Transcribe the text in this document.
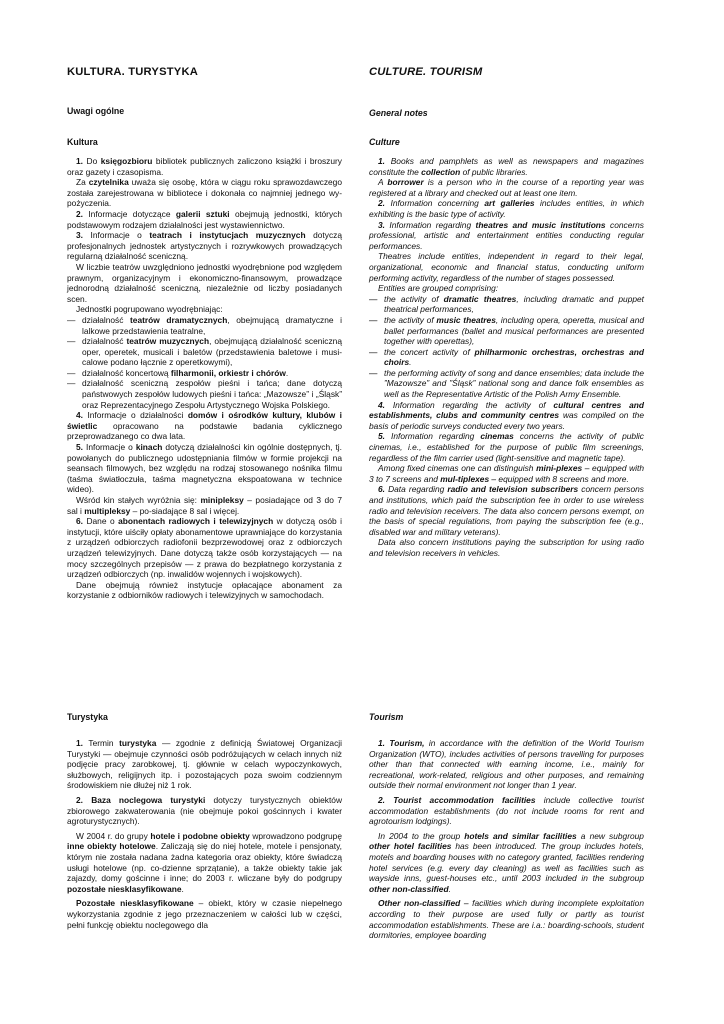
KULTURA. TURYSTYKA
Uwagi ogólne
Kultura

1. Do księgozbioru bibliotek publicznych zaliczono książki i broszury oraz gazety i czasopisma.

Za czytelnika uważa się osobę, która w ciągu roku sprawozdawczego została zarejestrowana w bibliotece i dokonała co najmniej jednego wy-pożyczenia.

2. Informacje dotyczące galerii sztuki obejmują jednostki, których podstawowym rodzajem działalności jest wystawiennictwo.

3. Informacje o teatrach i instytucjach muzycznych dotyczą profesjonalnych jednostek artystycznych i rozrywkowych prowadzących regularną działalność sceniczną.

W liczbie teatrów uwzględniono jednostki wyodrębnione pod względem prawnym, organizacyjnym i ekonomiczno-finansowym, prowadzące jednorodną działalność sceniczną, niezależnie od liczby posiadanych scen.

Jednostki pogrupowano wyodrębniając:

— działalność teatrów dramatycznych, obejmującą dramatyczne i lalkowe przedstawienia teatralne,
— działalność teatrów muzycznych, obejmującą działalność sceniczną oper, operetek, musicali i baletów (przedstawienia baletowe i musi-calowe podano łącznie z operetkowymi),
— działalność koncertową filharmonii, orkiestr i chórów.
— działalność sceniczną zespołów pieśni i tańca; dane dotyczą państwowych zespołów ludowych pieśni i tańca: „Mazowsze” i „Śląsk” oraz Reprezentacyjnego Zespołu Artystycznego Wojska Polskiego.

4. Informacje o działalności domów i ośrodków kultury, klubów i świetlic opracowano na podstawie badania cyklicznego przeprowadzanego co dwa lata.

5. Informacje o kinach dotyczą działalności kin ogólnie dostępnych, tj. powołanych do publicznego udostępniania filmów w formie projekcji na seansach filmowych, bez względu na rodzaj stosowanego nośnika filmu (taśma światłoczuła, taśma magnetyczna ekspoatowana w technice wideo).

Wśród kin stałych wyróżnia się: minipleksy – posiadające od 3 do 7 sal i multipleksy – po-siadające 8 sal i więcej.

6. Dane o abonentach radiowych i telewizyjnych w dotyczą osób i instytucji, które uiściły opłaty abonamentowe uprawniające do korzystania z urządzeń odbiorczych radiofonii bezprzewodowej oraz z odbiorczych urządzeń telewizyjnych. Dane dotyczą także osób korzystających — na mocy szczególnych przepisów — z prawa do bezpłatnego korzystania z urządzeń odbiorczych (np. inwalidów wojennych i wojskowych).

Dane obejmują również instytucje opłacające abonament za korzystanie z odbiorników radiowych i telewizyjnych w samochodach.

Turystyka

1. Termin turystyka — zgodnie z definicją Światowej Organizacji Turystyki — obejmuje czynności osób podróżujących w celach innych niż podjęcie pracy zarobkowej, tj. głównie w celach wypoczynkowych, służbowych, religijnych itp. i pozostających poza swoim codziennym środowiskiem nie dłużej niż 1 rok.

2. Baza noclegowa turystyki dotyczy turystycznych obiektów zbiorowego zakwaterowania (nie obejmuje pokoi gościnnych i kwater agroturystycznych).

W 2004 r. do grupy hotele i podobne obiekty wprowadzono podgrupę inne obiekty hotelowe. Zaliczają się do niej hotele, motele i pensjonaty, którym nie została nadana żadna kategoria oraz obiekty, które świadczą usługi hotelowe (np. co-dzienne sprzątanie), a także obiekty takie jak zajazdy, domy gościnne i inne; do 2003 r. wliczane były do podgrupy pozostałe niesklasyfikowane.

Pozostałe niesklasyfikowane – obiekt, który w czasie niepełnego wykorzystania zgodnie z jego przeznaczeniem w całości lub w części, pełni funkcję obiektu noclegowego dla

CULTURE. TOURISM
General notes
Culture

1. Books and pamphlets as well as newspapers and magazines constitute the collection of public libraries.

A borrower is a person who in the course of a reporting year was registered at a library and checked out at least one item.

2. Information concerning art galleries includes entities, in which exhibiting is the basic type of activity.

3. Information regarding theatres and music institutions concerns professional, artistic and entertainment entities conducting regular performances.

Theatres include entities, independent in regard to their legal, organizational, economic and financial status, conducting uniform performing activity, regardless of the number of stages possessed.

Entities are grouped comprising:

— the activity of dramatic theatres, including dramatic and puppet theatrical performances,
— the activity of music theatres, including opera, operetta, musical and ballet performances (ballet and musical performances are presented together with operettas),
— the concert activity of philharmonic orchestras, orchestras and choirs.
— the performing activity of song and dance ensembles; data include the ”Mazowsze” and ”Śląsk” national song and dance folk ensembles as well as the Representative Artistic of the Polish Army Ensemble.

4. Information regarding the activity of cultural centres and establishments, clubs and community centres was compiled on the basis of periodic surveys conducted every two years.

5. Information regarding cinemas concerns the activity of public cinemas, i.e., established for the purpose of public film screenings, regardless of the film carrier used (light-sensitive and magnetic tape).

Among fixed cinemas one can distinguish mini-plexes – equipped with 3 to 7 screens and mul-tiplexes – equipped with 8 screens and more.

6. Data regarding radio and television subscribers concern persons and institutions, which paid the subscription fee in order to use wireless radio and television receivers. The data also concern persons exempt, on the basis of special regulations, from paying the subscription fee (e.g., disabled war and military veterans).

Data also concern institutions paying the subscription for using radio and television receivers in vehicles.

Tourism

1. Tourism, in accordance with the definition of the World Tourism Organization (WTO), includes activities of persons travelling for purposes other than that connected with earning income, i.e., mainly for recreational, work-related, religious and other purposes, and remaining outside their normal environment not longer than 1 year.

2. Tourist accommodation facilities include collective tourist accommodation establishments (do not include rooms for rent and agrotourism lodgings).

In 2004 to the group hotels and similar facilities a new subgroup other hotel facilities has been introduced. The group includes hotels, motels and boarding houses with no category granted, facilities rendering hotel services (e.g. every day cleaning) as well as facilities such as wayside inns, guest-houses etc., until 2003 included in the subgroup other non-classified.

Other non-classified – facilities which during incomplete exploitation according to their purpose are used fully or partly as tourist accommodation establishments. These are i.a.: boarding-schools, student dormitories, employee boarding
